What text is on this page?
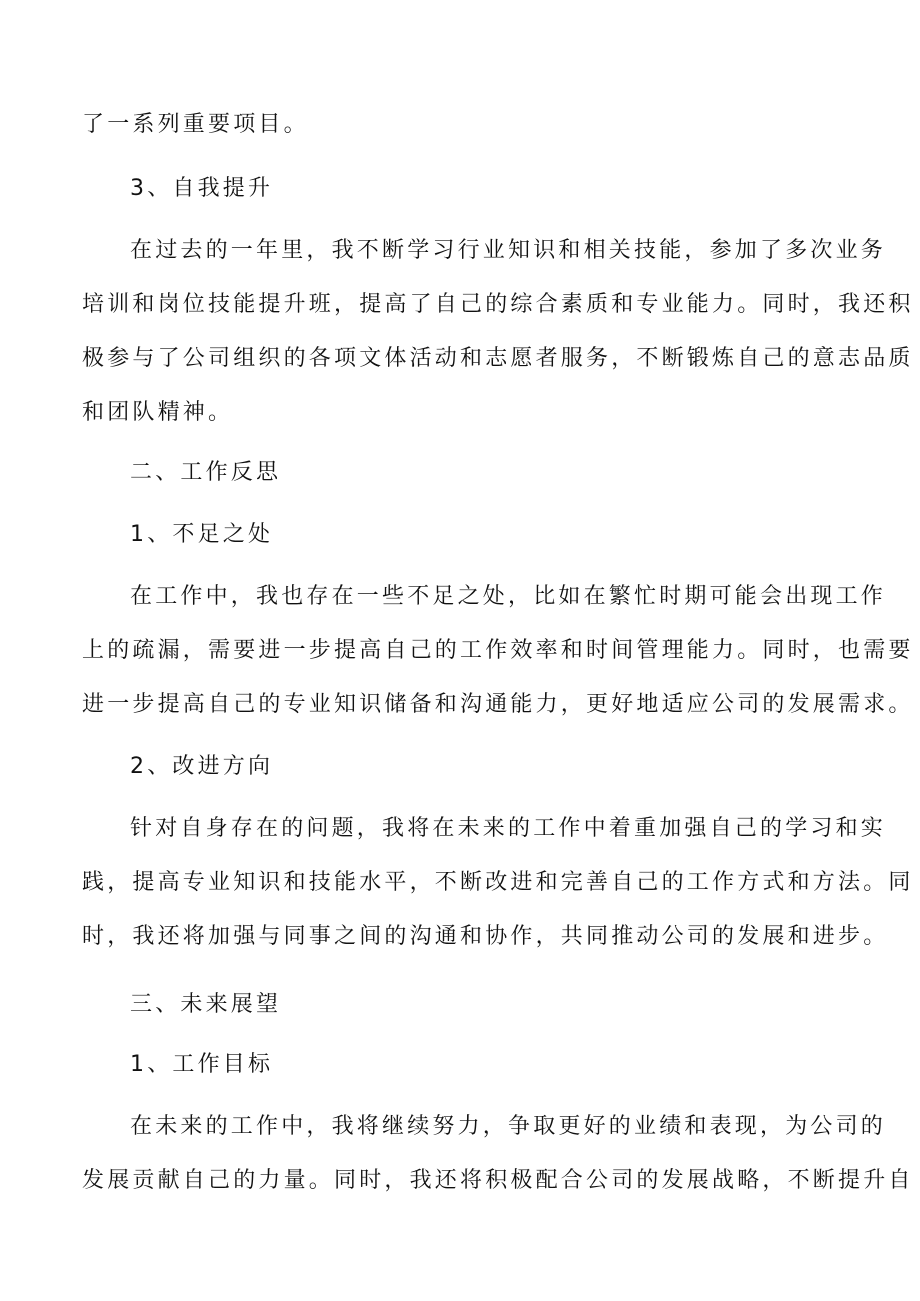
了一系列重要项目。
3、自我提升
在过去的一年里，我不断学习行业知识和相关技能，参加了多次业务
培训和岗位技能提升班，提高了自己的综合素质和专业能力。同时，我还积
极参与了公司组织的各项文体活动和志愿者服务，不断锻炼自己的意志品质
和团队精神。
二、工作反思
1、不足之处
在工作中，我也存在一些不足之处，比如在繁忙时期可能会出现工作
上的疏漏，需要进一步提高自己的工作效率和时间管理能力。同时，也需要
进一步提高自己的专业知识储备和沟通能力，更好地适应公司的发展需求。
2、改进方向
针对自身存在的问题，我将在未来的工作中着重加强自己的学习和实
践，提高专业知识和技能水平，不断改进和完善自己的工作方式和方法。同
时，我还将加强与同事之间的沟通和协作，共同推动公司的发展和进步。
三、未来展望
1、工作目标
在未来的工作中，我将继续努力，争取更好的业绩和表现，为公司的
发展贡献自己的力量。同时，我还将积极配合公司的发展战略，不断提升自
